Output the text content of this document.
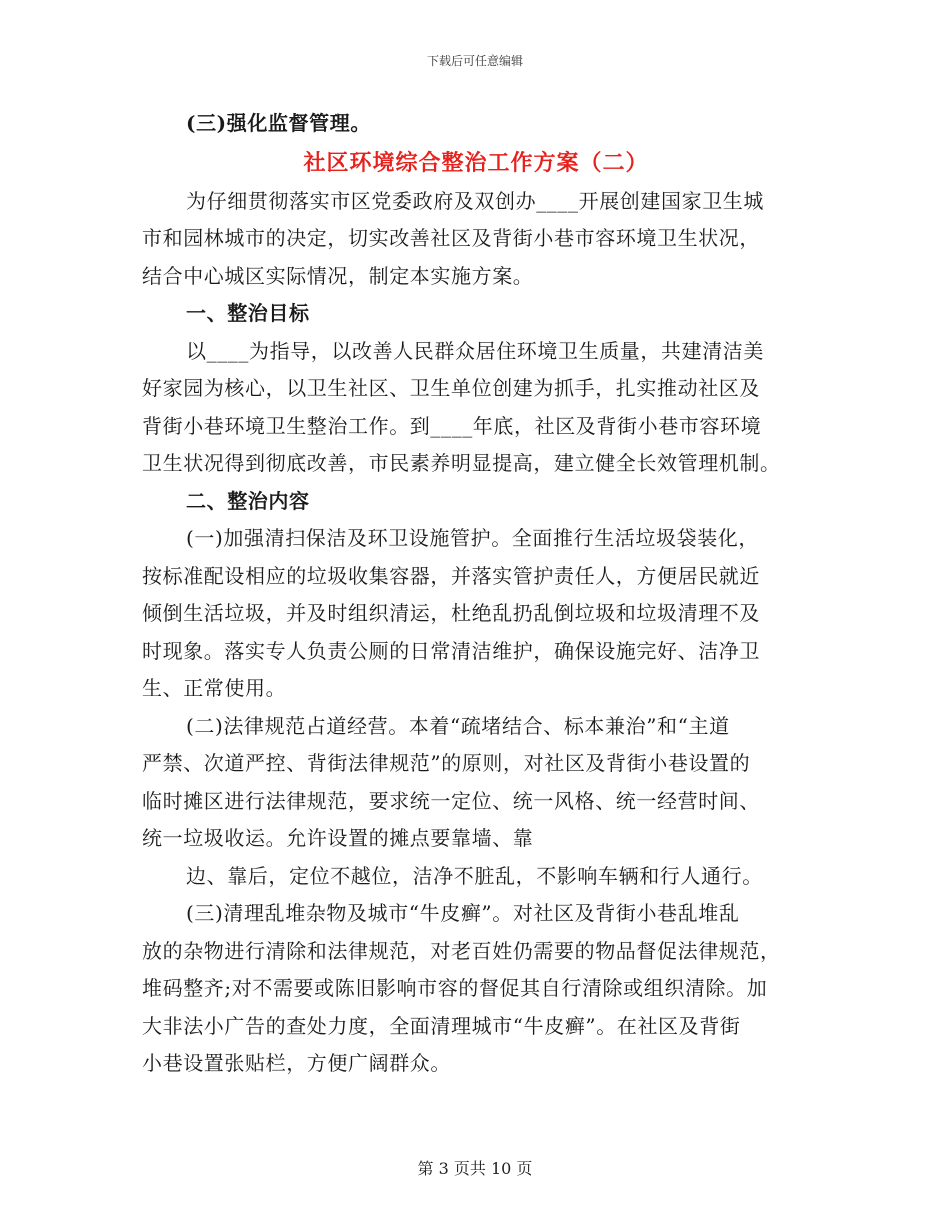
下载后可任意编辑
(三)强化监督管理。
社区环境综合整治工作方案（二）
为仔细贯彻落实市区党委政府及双创办____开展创建国家卫生城
市和园林城市的决定，切实改善社区及背街小巷市容环境卫生状况，
结合中心城区实际情况，制定本实施方案。
一、整治目标
以____为指导，以改善人民群众居住环境卫生质量，共建清洁美
好家园为核心，以卫生社区、卫生单位创建为抓手，扎实推动社区及
背街小巷环境卫生整治工作。到____年底，社区及背街小巷市容环境
卫生状况得到彻底改善，市民素养明显提高，建立健全长效管理机制。
二、整治内容
(一)加强清扫保洁及环卫设施管护。全面推行生活垃圾袋装化，
按标准配设相应的垃圾收集容器，并落实管护责任人，方便居民就近
倾倒生活垃圾，并及时组织清运，杜绝乱扔乱倒垃圾和垃圾清理不及
时现象。落实专人负责公厕的日常清洁维护，确保设施完好、洁净卫
生、正常使用。
(二)法律规范占道经营。本着“疏堵结合、标本兼治”和“主道
严禁、次道严控、背街法律规范”的原则，对社区及背街小巷设置的
临时摊区进行法律规范，要求统一定位、统一风格、统一经营时间、
统一垃圾收运。允许设置的摊点要靠墙、靠
边、靠后，定位不越位，洁净不脏乱，不影响车辆和行人通行。
(三)清理乱堆杂物及城市“牛皮癣”。对社区及背街小巷乱堆乱
放的杂物进行清除和法律规范，对老百姓仍需要的物品督促法律规范，
堆码整齐;对不需要或陈旧影响市容的督促其自行清除或组织清除。加
大非法小广告的查处力度，全面清理城市“牛皮癣”。在社区及背街
小巷设置张贴栏，方便广阔群众。
第 3 页共 10 页
